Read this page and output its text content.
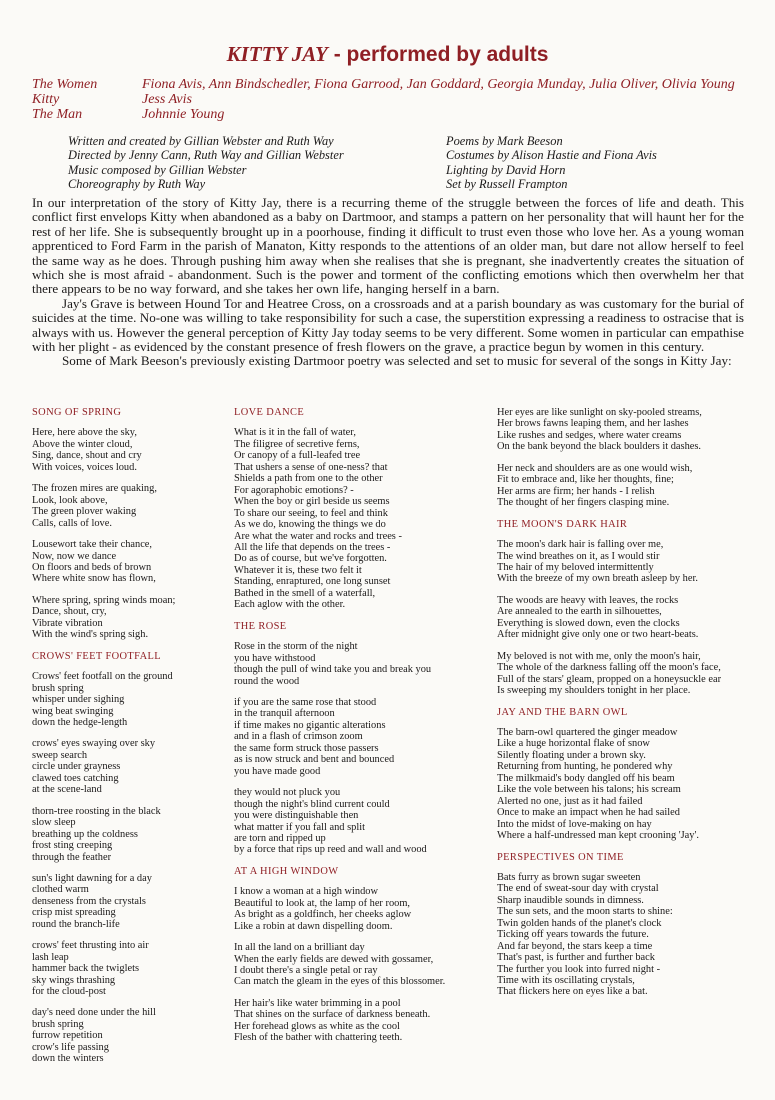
KITTY JAY - performed by adults
The Women	Fiona Avis, Ann Bindschedler, Fiona Garrood, Jan Goddard, Georgia Munday, Julia Oliver, Olivia Young
Kitty	Jess Avis
The Man	Johnnie Young
Written and created by Gillian Webster and Ruth Way
Directed by Jenny Cann, Ruth Way and Gillian Webster
Music composed by Gillian Webster
Choreography by Ruth Way
Poems by Mark Beeson
Costumes by Alison Hastie and Fiona Avis
Lighting by David Horn
Set by Russell Frampton

In our interpretation of the story of Kitty Jay, there is a recurring theme of the struggle between the forces of life and death. This conflict first envelops Kitty when abandoned as a baby on Dartmoor, and stamps a pattern on her personality that will haunt her for the rest of her life. She is subsequently brought up in a poorhouse, finding it difficult to trust even those who love her. As a young woman apprenticed to Ford Farm in the parish of Manaton, Kitty responds to the attentions of an older man, but dare not allow herself to feel the same way as he does. Through pushing him away when she realises that she is pregnant, she inadvertently creates the situation of which she is most afraid - abandonment. Such is the power and torment of the conflicting emotions which then overwhelm her that there appears to be no way forward, and she takes her own life, hanging herself in a barn.

Jay's Grave is between Hound Tor and Heatree Cross, on a crossroads and at a parish boundary as was customary for the burial of suicides at the time. No-one was willing to take responsibility for such a case, the superstition expressing a readiness to ostracise that is always with us. However the general perception of Kitty Jay today seems to be very different. Some women in particular can empathise with her plight - as evidenced by the constant presence of fresh flowers on the grave, a practice begun by women in this century.

Some of Mark Beeson's previously existing Dartmoor poetry was selected and set to music for several of the songs in Kitty Jay:

SONG OF SPRING
Here, here above the sky,
Above the winter cloud,
Sing, dance, shout and cry
With voices, voices loud.
The frozen mires are quaking,
Look, look above,
The green plover waking
Calls, calls of love.
Lousewort take their chance,
Now, now we dance
On floors and beds of brown
Where white snow has flown,
Where spring, spring winds moan;
Dance, shout, cry,
Vibrate vibration
With the wind's spring sigh.
CROWS' FEET FOOTFALL
Crows' feet footfall on the ground
brush spring
whisper under sighing
wing beat swinging
down the hedge-length
crows' eyes swaying over sky
sweep search
circle under grayness
clawed toes catching
at the scene-land
thorn-tree roosting in the black
slow sleep
breathing up the coldness
frost sting creeping
through the feather
sun's light dawning for a day
clothed warm
denseness from the crystals
crisp mist spreading
round the branch-life
crows' feet thrusting into air
lash leap
hammer back the twiglets
sky wings thrashing
for the cloud-post
day's need done under the hill
brush spring
furrow repetition
crow's life passing
down the winters
LOVE DANCE
What is it in the fall of water,
The filigree of secretive ferns,
Or canopy of a full-leafed tree
That ushers a sense of one-ness? that
Shields a path from one to the other
For agoraphobic emotions? -
When the boy or girl beside us seems
To share our seeing, to feel and think
As we do, knowing the things we do
Are what the water and rocks and trees -
All the life that depends on the trees -
Do as of course, but we've forgotten.
Whatever it is, these two felt it
Standing, enraptured, one long sunset
Bathed in the smell of a waterfall,
Each aglow with the other.
THE ROSE
Rose in the storm of the night
you have withstood
though the pull of wind take you and break you
round the wood
if you are the same rose that stood
in the tranquil afternoon
if time makes no gigantic alterations
and in a flash of crimson zoom
the same form struck those passers
as is now struck and bent and bounced
you have made good
they would not pluck you
though the night's blind current could
you were distinguishable then
what matter if you fall and split
are torn and ripped up
by a force that rips up reed and wall and wood
AT A HIGH WINDOW
I know a woman at a high window
Beautiful to look at, the lamp of her room,
As bright as a goldfinch, her cheeks aglow
Like a robin at dawn dispelling doom.
In all the land on a brilliant day
When the early fields are dewed with gossamer,
I doubt there's a single petal or ray
Can match the gleam in the eyes of this blossomer.
Her hair's like water brimming in a pool
That shines on the surface of darkness beneath.
Her forehead glows as white as the cool
Flesh of the bather with chattering teeth.
Her eyes are like sunlight on sky-pooled streams,
Her brows fawns leaping them, and her lashes
Like rushes and sedges, where water creams
On the bank beyond the black boulders it dashes.
Her neck and shoulders are as one would wish,
Fit to embrace and, like her thoughts, fine;
Her arms are firm; her hands - I relish
The thought of her fingers clasping mine.
THE MOON'S DARK HAIR
The moon's dark hair is falling over me,
The wind breathes on it, as I would stir
The hair of my beloved intermittently
With the breeze of my own breath asleep by her.
The woods are heavy with leaves, the rocks
Are annealed to the earth in silhouettes,
Everything is slowed down, even the clocks
After midnight give only one or two heart-beats.
My beloved is not with me, only the moon's hair,
The whole of the darkness falling off the moon's face,
Full of the stars' gleam, propped on a honeysuckle ear
Is sweeping my shoulders tonight in her place.
JAY AND THE BARN OWL
The barn-owl quartered the ginger meadow
Like a huge horizontal flake of snow
Silently floating under a brown sky.
Returning from hunting, he pondered why
The milkmaid's body dangled off his beam
Like the vole between his talons; his scream
Alerted no one, just as it had failed
Once to make an impact when he had sailed
Into the midst of love-making on hay
Where a half-undressed man kept crooning 'Jay'.
PERSPECTIVES ON TIME
Bats furry as brown sugar sweeten
The end of sweat-sour day with crystal
Sharp inaudible sounds in dimness.
The sun sets, and the moon starts to shine:
Twin golden hands of the planet's clock
Ticking off years towards the future.
And far beyond, the stars keep a time
That's past, is further and further back
The further you look into furred night -
Time with its oscillating crystals,
That flickers here on eyes like a bat.
